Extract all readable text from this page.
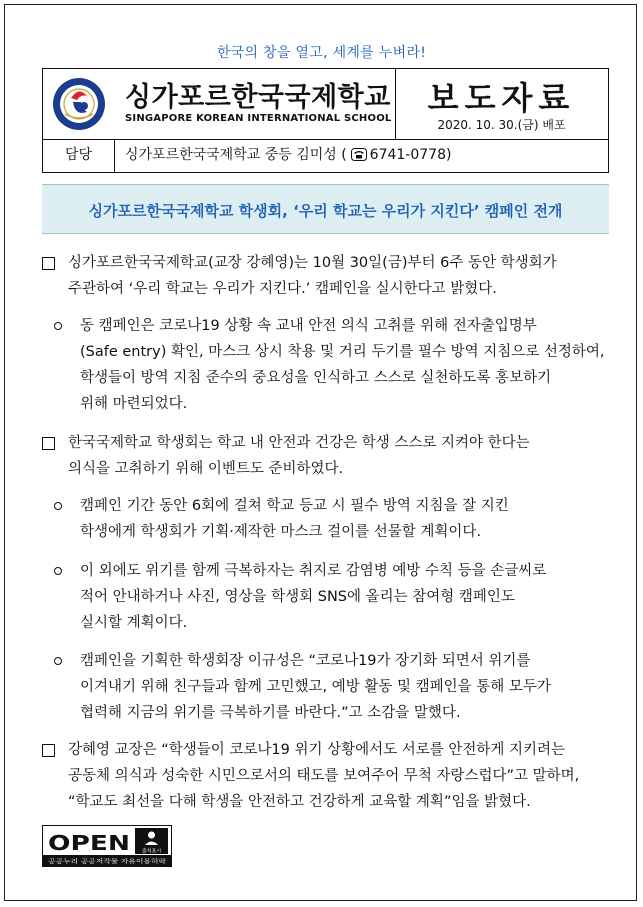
한국의 창을 열고, 세계를 누벼라!
싱가포르한국국제학교
SINGAPORE KOREAN INTERNATIONAL SCHOOL
보도자료
2020. 10. 30.(금) 배포
담당	싱가포르한국국제학교 중등 김미성 ( 6741-0778)
싱가포르한국국제학교 학생회, ‘우리 학교는 우리가 지킨다’ 캠페인 전개
싱가포르한국국제학교(교장 강혜영)는 10월 30일(금)부터 6주 동안 학생회가
주관하여 ‘우리 학교는 우리가 지킨다.’ 캠페인을 실시한다고 밝혔다.
동 캠페인은 코로나19 상황 속 교내 안전 의식 고취를 위해 전자출입명부
(Safe entry) 확인, 마스크 상시 착용 및 거리 두기를 필수 방역 지침으로 선정하여,
학생들이 방역 지침 준수의 중요성을 인식하고 스스로 실천하도록 홍보하기
위해 마련되었다.
한국국제학교 학생회는 학교 내 안전과 건강은 학생 스스로 지켜야 한다는
의식을 고취하기 위해 이벤트도 준비하였다.
캠페인 기간 동안 6회에 걸쳐 학교 등교 시 필수 방역 지침을 잘 지킨
학생에게 학생회가 기획·제작한 마스크 걸이를 선물할 계획이다.
이 외에도 위기를 함께 극복하자는 취지로 감염병 예방 수칙 등을 손글씨로
적어 안내하거나 사진, 영상을 학생회 SNS에 올리는 참여형 캠페인도
실시할 계획이다.
캠페인을 기획한 학생회장 이규성은 “코로나19가 장기화 되면서 위기를
이겨내기 위해 친구들과 함께 고민했고, 예방 활동 및 캠페인을 통해 모두가
협력해 지금의 위기를 극복하기를 바란다.”고 소감을 말했다.
강혜영 교장은 “학생들이 코로나19 위기 상황에서도 서로를 안전하게 지키려는
공동체 의식과 성숙한 시민으로서의 태도를 보여주어 무척 자랑스럽다”고 말하며,
“학교도 최선을 다해 학생을 안전하고 건강하게 교육할 계획”임을 밝혔다.
OPEN 출처표시
공공누리 공공저작물 자유이용허락
